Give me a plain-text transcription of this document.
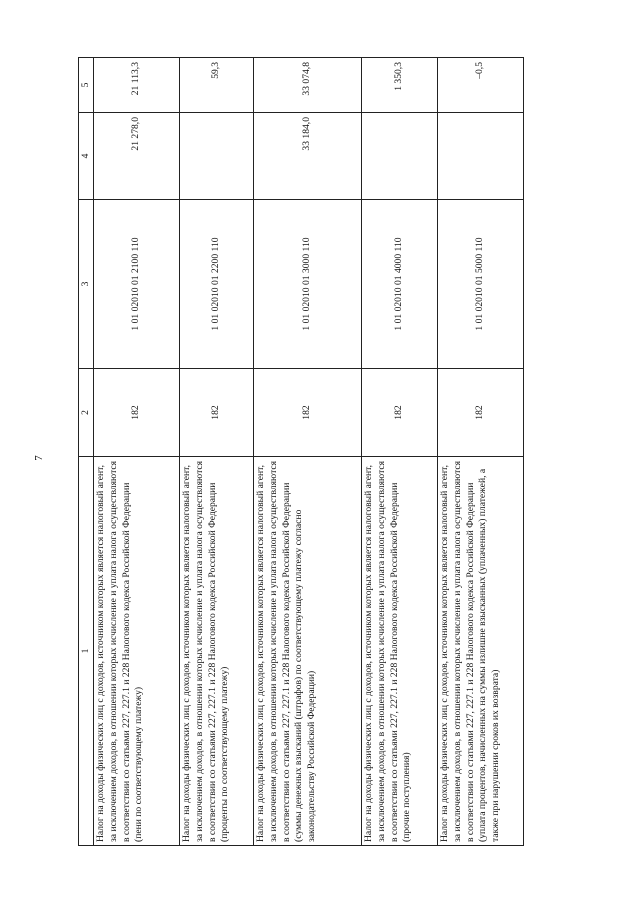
7
1	2	3	4	5
Налог на доходы физических лиц с доходов, источником которых является налоговый агент, за исключением доходов, в отношении которых исчисление и уплата налога осуществляются в соответствии со статьями 227, 227.1 и 228 Налогового кодекса Российской Федерации (пени по соответствующему платежу)	182	1 01 02010 01 2100 110	21 278,0	21 113,3
Налог на доходы физических лиц с доходов, источником которых является налоговый агент, за исключением доходов, в отношении которых исчисление и уплата налога осуществляются в соответствии со статьями 227, 227.1 и 228 Налогового кодекса Российской Федерации (проценты по соответствующему платежу)	182	1 01 02010 01 2200 110		59,3
Налог на доходы физических лиц с доходов, источником которых является налоговый агент, за исключением доходов, в отношении которых исчисление и уплата налога осуществляются в соответствии со статьями 227, 227.1 и 228 Налогового кодекса Российской Федерации (суммы денежных взысканий (штрафов) по соответствующему платежу согласно законодательству Российской Федерации)	182	1 01 02010 01 3000 110	33 184,0	33 074,8
Налог на доходы физических лиц с доходов, источником которых является налоговый агент, за исключением доходов, в отношении которых исчисление и уплата налога осуществляются в соответствии со статьями 227, 227.1 и 228 Налогового кодекса Российской Федерации (прочие поступления)	182	1 01 02010 01 4000 110		1 350,3
Налог на доходы физических лиц с доходов, источником которых является налоговый агент, за исключением доходов, в отношении которых исчисление и уплата налога осуществляются в соответствии со статьями 227, 227.1 и 228 Налогового кодекса Российской Федерации (уплата процентов, начисленных на суммы излишне взысканных (уплаченных) платежей, а также при нарушении сроков их возврата)	182	1 01 02010 01 5000 110		–0,5
